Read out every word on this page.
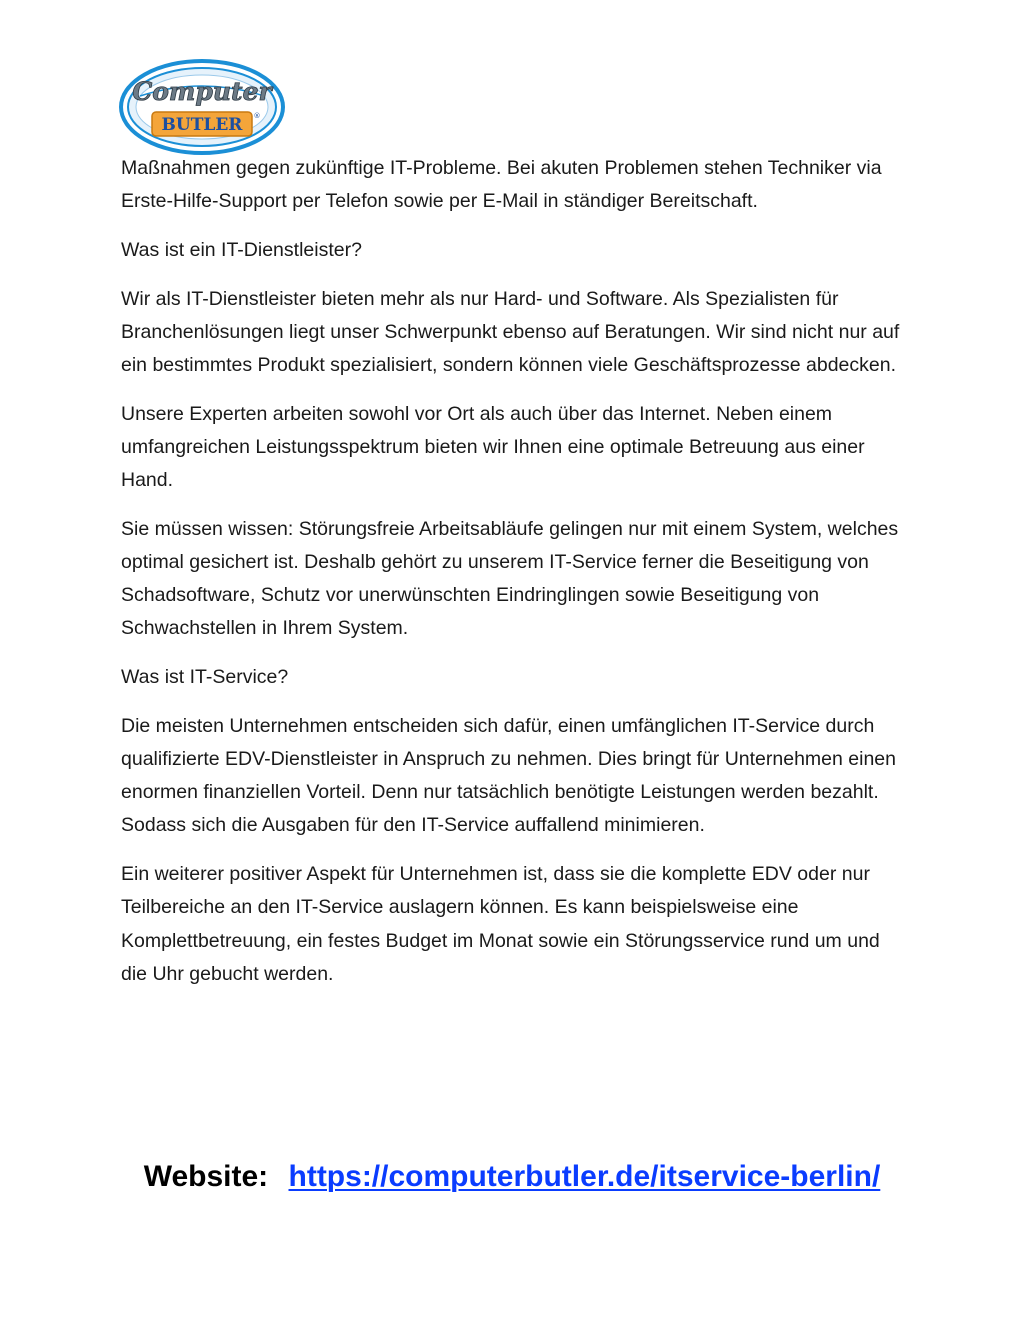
Computer
BUTLER ®

Maßnahmen gegen zukünftige IT-Probleme. Bei akuten Problemen stehen Techniker via Erste-Hilfe-Support per Telefon sowie per E-Mail in ständiger Bereitschaft.

Was ist ein IT-Dienstleister?

Wir als IT-Dienstleister bieten mehr als nur Hard- und Software. Als Spezialisten für Branchenlösungen liegt unser Schwerpunkt ebenso auf Beratungen. Wir sind nicht nur auf ein bestimmtes Produkt spezialisiert, sondern können viele Geschäftsprozesse abdecken.

Unsere Experten arbeiten sowohl vor Ort als auch über das Internet. Neben einem umfangreichen Leistungsspektrum bieten wir Ihnen eine optimale Betreuung aus einer Hand.

Sie müssen wissen: Störungsfreie Arbeitsabläufe gelingen nur mit einem System, welches optimal gesichert ist. Deshalb gehört zu unserem IT-Service ferner die Beseitigung von Schadsoftware, Schutz vor unerwünschten Eindringlingen sowie Beseitigung von Schwachstellen in Ihrem System.

Was ist IT-Service?

Die meisten Unternehmen entscheiden sich dafür, einen umfänglichen IT-Service durch qualifizierte EDV-Dienstleister in Anspruch zu nehmen. Dies bringt für Unternehmen einen enormen finanziellen Vorteil. Denn nur tatsächlich benötigte Leistungen werden bezahlt. Sodass sich die Ausgaben für den IT-Service auffallend minimieren.

Ein weiterer positiver Aspekt für Unternehmen ist, dass sie die komplette EDV oder nur Teilbereiche an den IT-Service auslagern können. Es kann beispielsweise eine Komplettbetreuung, ein festes Budget im Monat sowie ein Störungsservice rund um und die Uhr gebucht werden.

Website: https://computerbutler.de/itservice-berlin/
